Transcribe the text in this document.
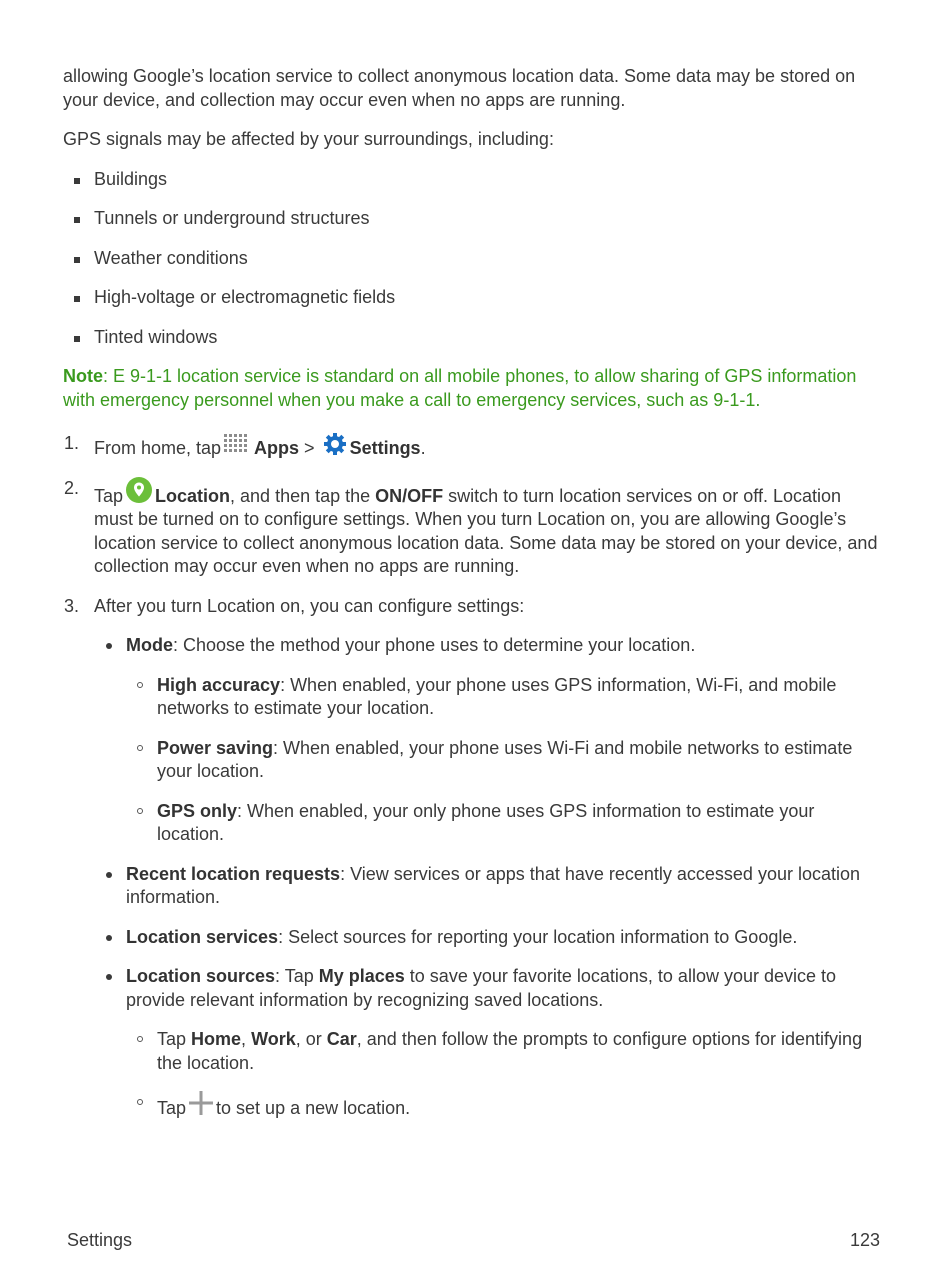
allowing Google’s location service to collect anonymous location data. Some data may be stored on your device, and collection may occur even when no apps are running.

GPS signals may be affected by your surroundings, including:

Buildings
Tunnels or underground structures
Weather conditions
High-voltage or electromagnetic fields
Tinted windows

Note: E 9-1-1 location service is standard on all mobile phones, to allow sharing of GPS information with emergency personnel when you make a call to emergency services, such as 9-1-1.

1. From home, tap Apps > Settings.
2. Tap Location, and then tap the ON/OFF switch to turn location services on or off. Location must be turned on to configure settings. When you turn Location on, you are allowing Google’s location service to collect anonymous location data. Some data may be stored on your device, and collection may occur even when no apps are running.
3. After you turn Location on, you can configure settings:
Mode: Choose the method your phone uses to determine your location.
High accuracy: When enabled, your phone uses GPS information, Wi-Fi, and mobile networks to estimate your location.
Power saving: When enabled, your phone uses Wi-Fi and mobile networks to estimate your location.
GPS only: When enabled, your only phone uses GPS information to estimate your location.
Recent location requests: View services or apps that have recently accessed your location information.
Location services: Select sources for reporting your location information to Google.
Location sources: Tap My places to save your favorite locations, to allow your device to provide relevant information by recognizing saved locations.
Tap Home, Work, or Car, and then follow the prompts to configure options for identifying the location.
Tap to set up a new location.
Settings	123
